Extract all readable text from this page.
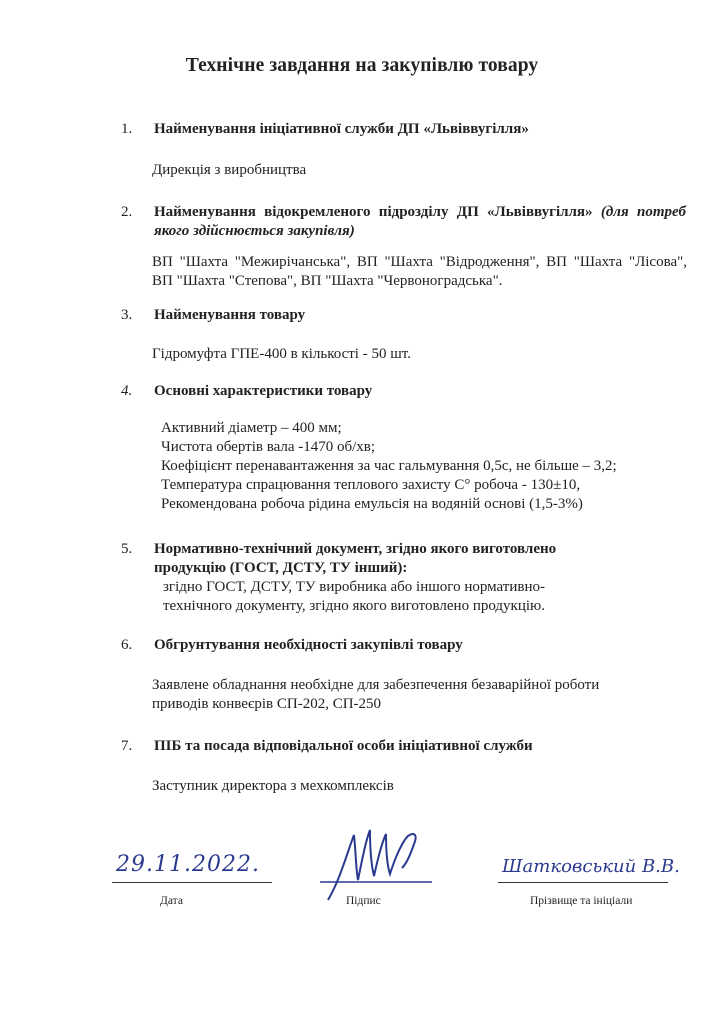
Технічне завдання на закупівлю товару
1.	Найменування ініціативної служби ДП «Львіввугілля»
Дирекція з виробництва
2.	Найменування відокремленого підрозділу ДП «Львіввугілля» (для потреб якого здійснюється закупівля)
ВП "Шахта "Межирічанська", ВП "Шахта "Відродження", ВП "Шахта "Лісова", ВП "Шахта "Степова", ВП "Шахта "Червоноградська".
3.	Найменування товару
Гідромуфта ГПЕ-400 в кількості - 50 шт.
4.	Основні характеристики товару
Активний діаметр – 400 мм;
Чистота обертів вала -1470 об/хв;
Коефіцієнт перенавантаження за час гальмування 0,5с, не більше – 3,2;
Температура спрацювання теплового захисту С° робоча - 130±10,
Рекомендована робоча рідина емульсія на водяній основі (1,5-3%)
5.	Нормативно-технічний документ, згідно якого виготовлено
продукцію (ГОСТ, ДСТУ, ТУ інший):
згідно ГОСТ, ДСТУ, ТУ виробника або іншого нормативно-
технічного документу, згідно якого виготовлено продукцію.
6.	Обгрунтування необхідності закупівлі товару
Заявлене обладнання необхідне для забезпечення безаварійної роботи
приводів конвеєрів СП-202, СП-250
7.	ПІБ та посада відповідальної особи ініціативної служби
Заступник директора з мехкомплексів
29.11.2022.
Дата	Підпис
Шатковський В.В.
Прізвище та ініціали
